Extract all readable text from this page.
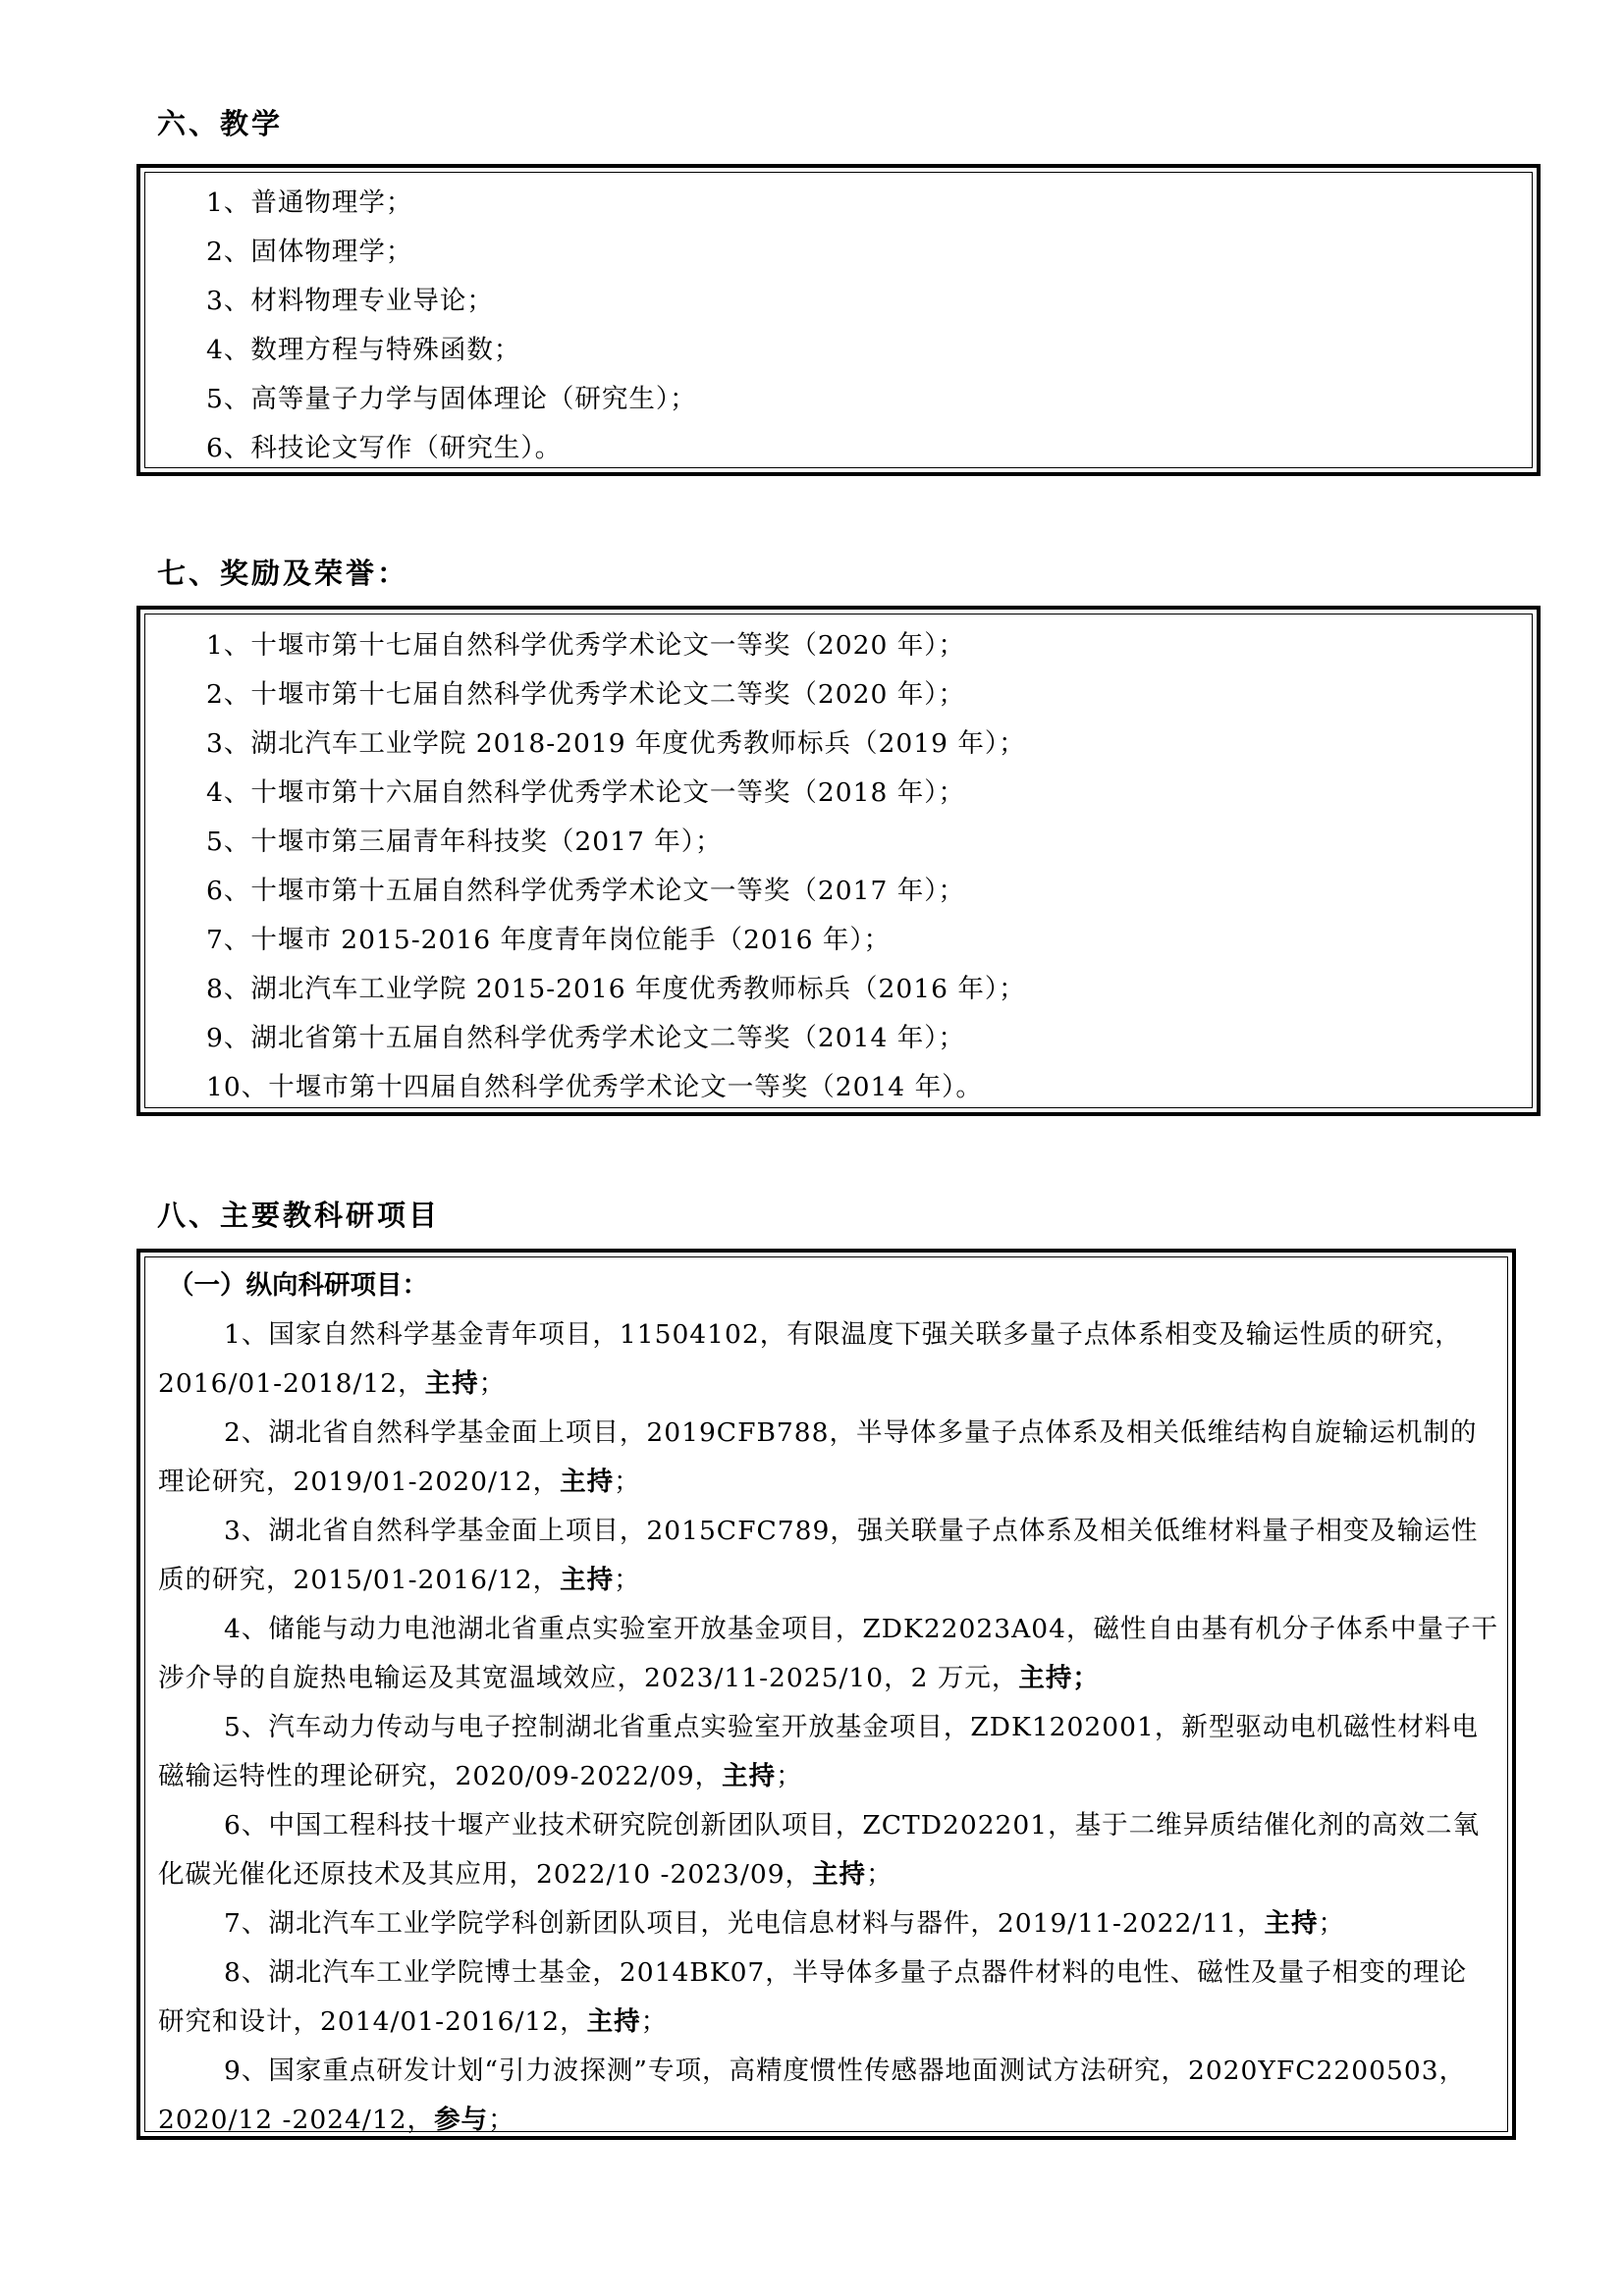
六、教学
1、普通物理学；
2、固体物理学；
3、材料物理专业导论；
4、数理方程与特殊函数；
5、高等量子力学与固体理论（研究生）；
6、科技论文写作（研究生）。
七、奖励及荣誉：
1、十堰市第十七届自然科学优秀学术论文一等奖（2020 年）；
2、十堰市第十七届自然科学优秀学术论文二等奖（2020 年）；
3、湖北汽车工业学院 2018-2019 年度优秀教师标兵（2019 年）；
4、十堰市第十六届自然科学优秀学术论文一等奖（2018 年）；
5、十堰市第三届青年科技奖（2017 年）；
6、十堰市第十五届自然科学优秀学术论文一等奖（2017 年）；
7、十堰市 2015-2016 年度青年岗位能手（2016 年）；
8、湖北汽车工业学院 2015-2016 年度优秀教师标兵（2016 年）；
9、湖北省第十五届自然科学优秀学术论文二等奖（2014 年）；
10、十堰市第十四届自然科学优秀学术论文一等奖（2014 年）。
八、主要教科研项目
（一）纵向科研项目：
1、国家自然科学基金青年项目，11504102，有限温度下强关联多量子点体系相变及输运性质的研究，
2016/01-2018/12，主持；
2、湖北省自然科学基金面上项目，2019CFB788，半导体多量子点体系及相关低维结构自旋输运机制的
理论研究，2019/01-2020/12，主持；
3、湖北省自然科学基金面上项目，2015CFC789，强关联量子点体系及相关低维材料量子相变及输运性
质的研究，2015/01-2016/12，主持；
4、储能与动力电池湖北省重点实验室开放基金项目，ZDK22023A04，磁性自由基有机分子体系中量子干
涉介导的自旋热电输运及其宽温域效应，2023/11-2025/10，2 万元，主持；
5、汽车动力传动与电子控制湖北省重点实验室开放基金项目，ZDK1202001，新型驱动电机磁性材料电
磁输运特性的理论研究，2020/09-2022/09，主持；
6、中国工程科技十堰产业技术研究院创新团队项目，ZCTD202201，基于二维异质结催化剂的高效二氧
化碳光催化还原技术及其应用，2022/10 -2023/09，主持；
7、湖北汽车工业学院学科创新团队项目，光电信息材料与器件，2019/11-2022/11，主持；
8、湖北汽车工业学院博士基金，2014BK07，半导体多量子点器件材料的电性、磁性及量子相变的理论
研究和设计，2014/01-2016/12，主持；
9、国家重点研发计划“引力波探测”专项，高精度惯性传感器地面测试方法研究，2020YFC2200503，
2020/12 -2024/12，参与；
